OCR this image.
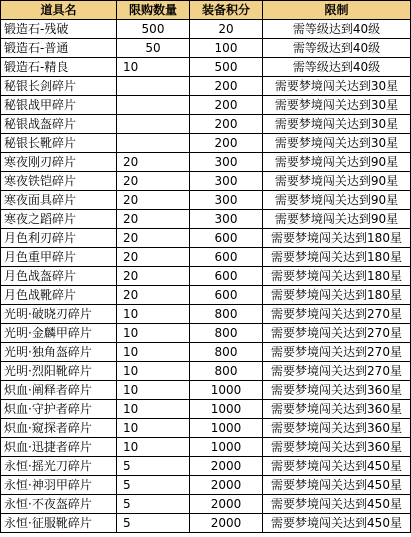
道具名	限购数量	装备积分	限制
锻造石-残破	500	20	需等级达到40级
锻造石-普通	50	100	需等级达到40级
锻造石-精良	10	500	需等级达到40级
秘银长剑碎片		200	需要梦境闯关达到30星
秘银战甲碎片		200	需要梦境闯关达到30星
秘银战盔碎片		200	需要梦境闯关达到30星
秘银长靴碎片		200	需要梦境闯关达到30星
寒夜刚刃碎片	20	300	需要梦境闯关达到90星
寒夜铁铠碎片	20	300	需要梦境闯关达到90星
寒夜面具碎片	20	300	需要梦境闯关达到90星
寒夜之蹈碎片	20	300	需要梦境闯关达到90星
月色利刃碎片	20	600	需要梦境闯关达到180星
月色重甲碎片	20	600	需要梦境闯关达到180星
月色战盔碎片	20	600	需要梦境闯关达到180星
月色战靴碎片	20	600	需要梦境闯关达到180星
光明·破晓刃碎片	10	800	需要梦境闯关达到270星
光明·金麟甲碎片	10	800	需要梦境闯关达到270星
光明·独角盔碎片	10	800	需要梦境闯关达到270星
光明·烈阳靴碎片	10	800	需要梦境闯关达到270星
炽血·阐释者碎片	10	1000	需要梦境闯关达到360星
炽血·守护者碎片	10	1000	需要梦境闯关达到360星
炽血·窥探者碎片	10	1000	需要梦境闯关达到360星
炽血·迅捷者碎片	10	1000	需要梦境闯关达到360星
永恒·摇光刀碎片	5	2000	需要梦境闯关达到450星
永恒·神羽甲碎片	5	2000	需要梦境闯关达到450星
永恒·不夜盔碎片	5	2000	需要梦境闯关达到450星
永恒·征服靴碎片	5	2000	需要梦境闯关达到450星
